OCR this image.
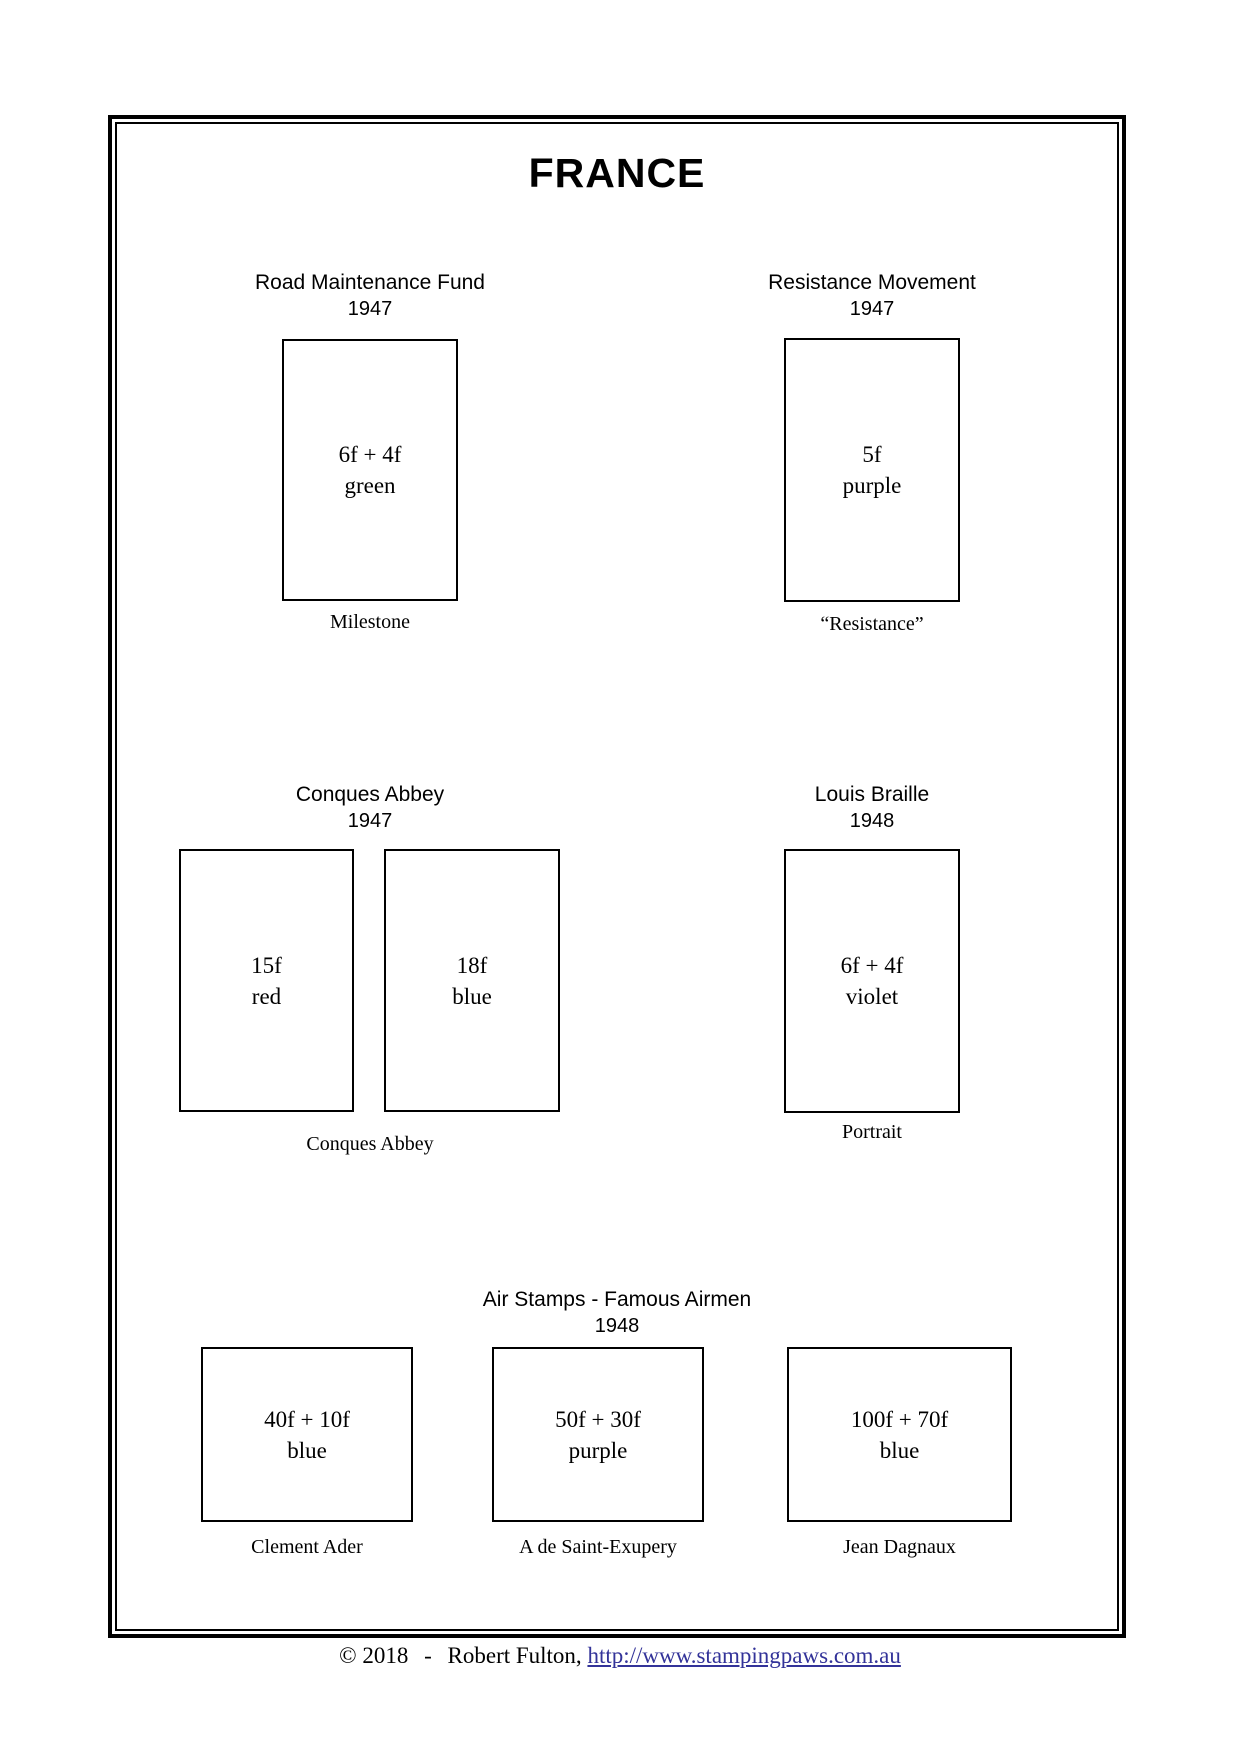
FRANCE
Road Maintenance Fund
1947
6f + 4f
green
Milestone
Resistance Movement
1947
5f
purple
“Resistance”
Conques Abbey
1947
15f
red
18f
blue
Conques Abbey
Louis Braille
1948
6f + 4f
violet
Portrait
Air Stamps - Famous Airmen
1948
40f + 10f
blue
50f + 30f
purple
100f + 70f
blue
Clement Ader	A de Saint-Exupery	Jean Dagnaux
© 2018 - Robert Fulton, http://www.stampingpaws.com.au
